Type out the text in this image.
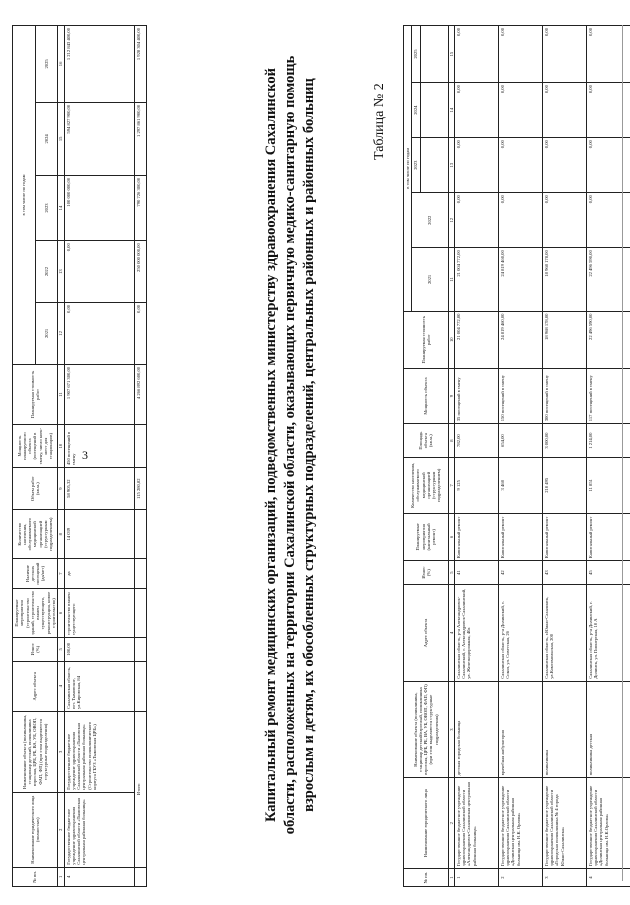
3
№ пп.	Наименование юридического лица (полностью)	Наименование объекта (поликлиника, стационар детский, поликлиника взрослая, ЦРБ, РБ, ВА, УБ, ОВОП, ФАП, ФП) (при этом выделяются структурные подразделения)	Адрес объекта	Износ (%)	Планируемые мероприятия (строительство зданий, строительство взамен существующего, реконструкция, новое строительство)	Наличие детских посещений (да/нет)	Количество населения, обслуживаемого медицинской организацией (структурным подразделением)	Объем работ (кв.м.)	Мощность планируемого объекта (посещений в смену, число коек-мест для стационаров)	Планируемая стоимость работ	в том числе по годам				
											2021	2022	2023	2024	2025
1	2	3	4	5	6	7	8	9	10	11	12	13	14	15	16
4	Государственное бюджетное учреждение здравоохранения Сахалинской области «Тымовская центральная районная больница»	Государственное бюджетное учреждение здравоохранения Сахалинской области «Тымовская центральная районная больница» (Строительство поликлинического корпуса ГБУЗ «Тымовская ЦРБ»)	Сахалинская область, пгт. Тымовское, ул.Кировская, 84	100,00	строительство взамен существующего	да	14 039	58 905,32	450 посещений в смену	1 907 671 300,00	0,00	0,00	100 000 000,00	594 827 900,00	1 212 843 400,00
	Итого							115 280,82		4 266 892 600,00	0,00	250 000 000,00	790 726 300,00	1 297 861 900,00	1 928 304 400,00
Капитальный ремонт медицинских организаций, подведомственных министерству здравоохранения Сахалинской области, расположенных на территории Сахалинской области, оказывающих первичную медико-санитарную помощь взрослым и детям, их обособленных структурных подразделений, центральных районных и районных больниц	Таблица № 2
№ пп.	Наименование юридического лица	Наименование объекта (поликлиника, стационар детский/взрослый, поликлиника взрослая, ЦРБ, РБ, ВА, УБ, ОВОП, ФАП, ФП) (при этом выделяются структурные подразделения)	Адрес объекта	Износ (%)	Планируемые мероприятия (капитальный ремонт)	Количество населения, обслуживаемого медицинской организацией (структурным подразделением)	Площадь объекта (кв.м.)	Мощность объекта	Планируемая стоимость работ	в том числе по годам				
										2021	2022	2023	2024	2025

1	2	3	4	5	6	7	8	9	10	11	12	13	14	15
1	Государственное бюджетное учреждение здравоохранения Сахалинской области «Александровск-Сахалинская центральная районная больница»	детская городская больница	Сахалинская область, р-н Александровск-Сахалинский, г. Александровск-Сахалинский, ул. Железнодорожная, 40а	41	Капитальный ремонт	9 125	782,00	35 посещений в смену	21 004 772,00	21 004 772,00	0,00	0,00	0,00	0,00
2	Государственное бюджетное учреждение здравоохранения Сахалинской области «Долинская центральная районная больница им. Н.К. Орлова»	врачебная амбулатория	Сахалинская область, р-н Долинский, с. Сокол, ул. Советская, 26	42	Капитальный ремонт	3 468	654,00	150 посещений в смену	24 819 460,00	24 819 460,00	0,00	0,00	0,00	0,00
3	Государственное бюджетное учреждение здравоохранения Сахалинской области «Городская поликлиника № 4 города Южно-Сахалинска»	поликлиника	Сахалинская область, г.Южно-Сахалинск, ул.Комсомольская, 200	43	Капитальный ремонт	210 495	3 000,00	300 посещений в смену	18 968 178,00	18 968 178,00	0,00	0,00	0,00	0,00
4	Государственное бюджетное учреждение здравоохранения Сахалинской области «Долинская центральная районная больница им. Н.К.Орлова»	поликлиника детская	Сахалинская область, р-н Долинский, г. Долинск, ул. Пионерская, 10 А	45	Капитальный ремонт	11 851	1 214,00	117 посещений в смену	22 496 590,00	22 496 590,00	0,00	0,00	0,00	0,00
